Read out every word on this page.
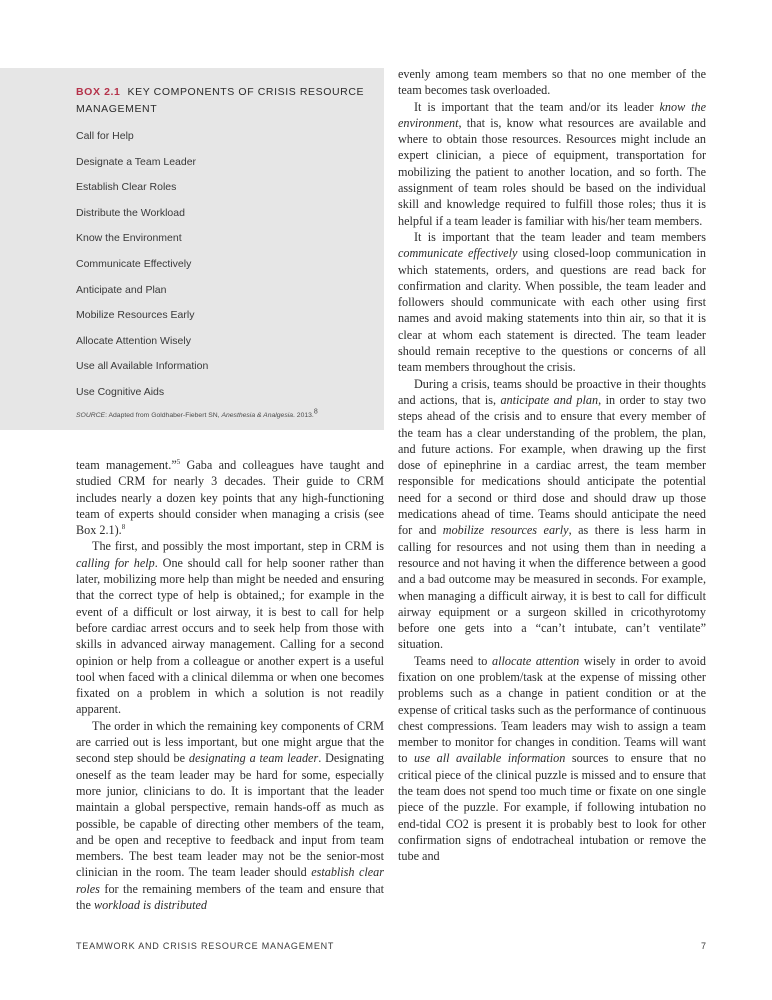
BOX 2.1 KEY COMPONENTS OF CRISIS RESOURCE MANAGEMENT
Call for Help
Designate a Team Leader
Establish Clear Roles
Distribute the Workload
Know the Environment
Communicate Effectively
Anticipate and Plan
Mobilize Resources Early
Allocate Attention Wisely
Use all Available Information
Use Cognitive Aids
SOURCE: Adapted from Goldhaber-Fiebert SN, Anesthesia & Analgesia. 2013.$^8$

team management.”$^5$ Gaba and colleagues have taught and studied CRM for nearly 3 decades. Their guide to CRM includes nearly a dozen key points that any high-functioning team of experts should consider when managing a crisis (see Box 2.1).$^8$

The first, and possibly the most important, step in CRM is calling for help. One should call for help sooner rather than later, mobilizing more help than might be needed and ensuring that the correct type of help is obtained,; for example in the event of a difficult or lost airway, it is best to call for help before cardiac arrest occurs and to seek help from those with skills in advanced airway management. Calling for a second opinion or help from a colleague or another expert is a useful tool when faced with a clinical dilemma or when one becomes fixated on a problem in which a solution is not readily apparent.

The order in which the remaining key components of CRM are carried out is less important, but one might argue that the second step should be designating a team leader. Designating oneself as the team leader may be hard for some, especially more junior, clinicians to do. It is important that the leader maintain a global perspective, remain hands-off as much as possible, be capable of directing other members of the team, and be open and receptive to feedback and input from team members. The best team leader may not be the senior-most clinician in the room. The team leader should establish clear roles for the remaining members of the team and ensure that the workload is distributed

evenly among team members so that no one member of the team becomes task overloaded.

It is important that the team and/or its leader know the environment, that is, know what resources are available and where to obtain those resources. Resources might include an expert clinician, a piece of equipment, transportation for mobilizing the patient to another location, and so forth. The assignment of team roles should be based on the individual skill and knowledge required to fulfill those roles; thus it is helpful if a team leader is familiar with his/her team members.

It is important that the team leader and team members communicate effectively using closed-loop communication in which statements, orders, and questions are read back for confirmation and clarity. When possible, the team leader and followers should communicate with each other using first names and avoid making statements into thin air, so that it is clear at whom each statement is directed. The team leader should remain receptive to the questions or concerns of all team members throughout the crisis.

During a crisis, teams should be proactive in their thoughts and actions, that is, anticipate and plan, in order to stay two steps ahead of the crisis and to ensure that every member of the team has a clear understanding of the problem, the plan, and future actions. For example, when drawing up the first dose of epinephrine in a cardiac arrest, the team member responsible for medications should anticipate the potential need for a second or third dose and should draw up those medications ahead of time. Teams should anticipate the need for and mobilize resources early, as there is less harm in calling for resources and not using them than in needing a resource and not having it when the difference between a good and a bad outcome may be measured in seconds. For example, when managing a difficult airway, it is best to call for difficult airway equipment or a surgeon skilled in cricothyrotomy before one gets into a “can’t intubate, can’t ventilate” situation.

Teams need to allocate attention wisely in order to avoid fixation on one problem/task at the expense of missing other problems such as a change in patient condition or at the expense of critical tasks such as the performance of continuous chest compressions. Team leaders may wish to assign a team member to monitor for changes in condition. Teams will want to use all available information sources to ensure that no critical piece of the clinical puzzle is missed and to ensure that the team does not spend too much time or fixate on one single piece of the puzzle. For example, if following intubation no end-tidal CO2 is present it is probably best to look for other confirmation signs of endotracheal intubation or remove the tube and

TEAMWORK AND CRISIS RESOURCE MANAGEMENT	7
